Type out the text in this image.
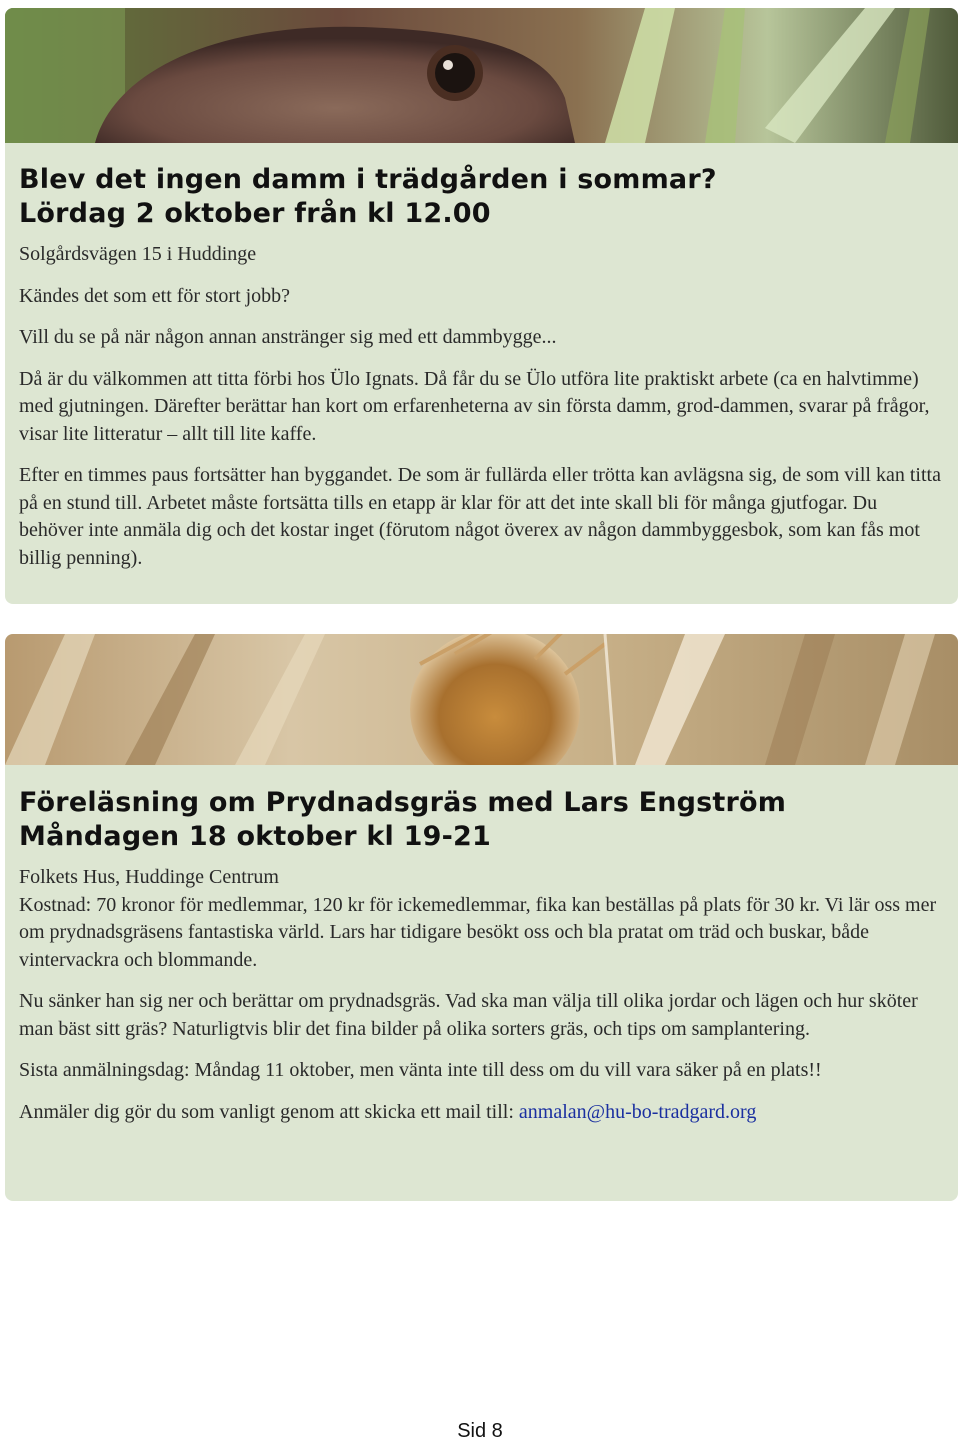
Blev det ingen damm i trädgården i sommar?
Lördag 2 oktober från kl 12.00

Solgårdsvägen 15 i Huddinge

Kändes det som ett för stort jobb?

Vill du se på när någon annan anstränger sig med ett dammbygge...

Då är du välkommen att titta förbi hos Ülo Ignats. Då får du se Ülo utföra lite praktiskt arbete (ca en halvtimme) med gjutningen. Därefter berättar han kort om erfarenheterna av sin första damm, grod-dammen, svarar på frågor, visar lite litteratur – allt till lite kaffe.

Efter en timmes paus fortsätter han byggandet. De som är fullärda eller trötta kan avlägsna sig, de som vill kan titta på en stund till. Arbetet måste fortsätta tills en etapp är klar för att det inte skall bli för många gjutfogar. Du behöver inte anmäla dig och det kostar inget (förutom något överex av någon dammbyggesbok, som kan fås mot billig penning).

Föreläsning om Prydnadsgräs med Lars Engström
Måndagen 18 oktober kl 19-21

Folkets Hus, Huddinge Centrum

Kostnad: 70 kronor för medlemmar, 120 kr för ickemedlemmar, fika kan beställas på plats för 30 kr. Vi lär oss mer om prydnadsgräsens fantastiska värld. Lars har tidigare besökt oss och bla pratat om träd och buskar, både vintervackra och blommande.

Nu sänker han sig ner och berättar om prydnadsgräs. Vad ska man välja till olika jordar och lägen och hur sköter man bäst sitt gräs? Naturligtvis blir det fina bilder på olika sorters gräs, och tips om samplantering.

Sista anmälningsdag: Måndag 11 oktober, men vänta inte till dess om du vill vara säker på en plats!!

Anmäler dig gör du som vanligt genom att skicka ett mail till: anmalan@hu-bo-tradgard.org

Sid 8
